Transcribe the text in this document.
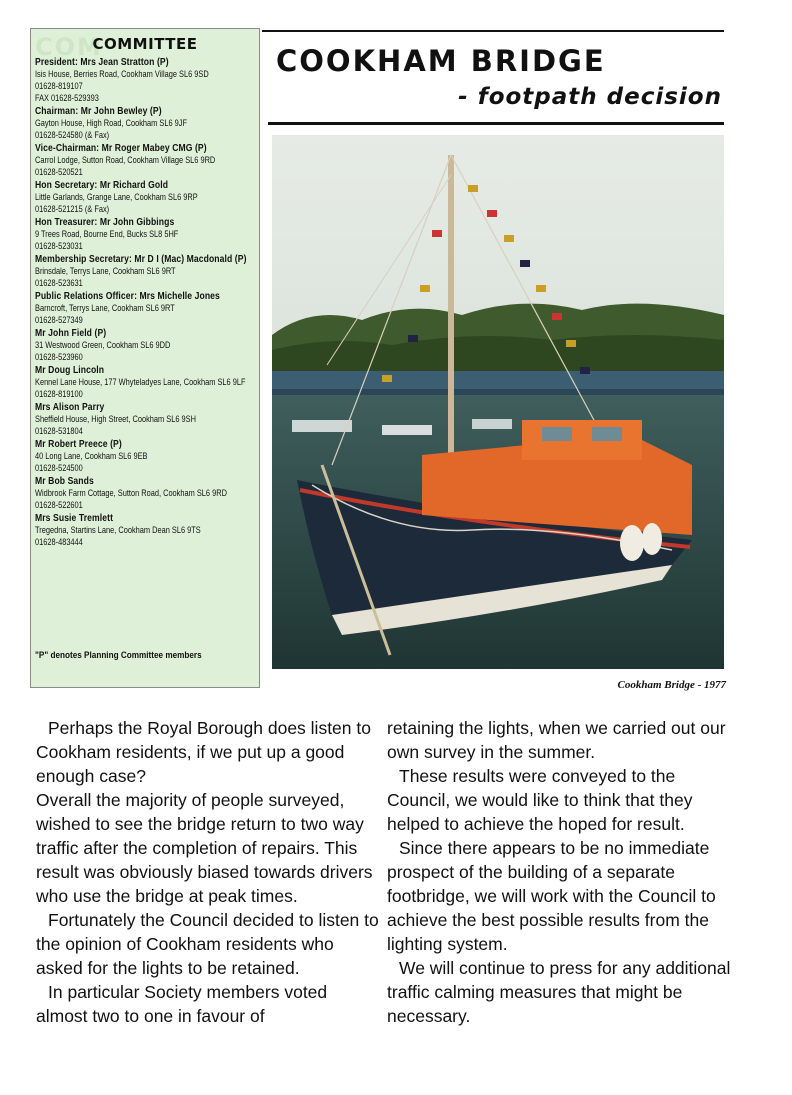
COM
COMMITTEE
President: Mrs Jean Stratton (P)
Isis House, Berries Road, Cookham Village SL6 9SD
01628-819107
FAX 01628-529393
Chairman: Mr John Bewley (P)
Gayton House, High Road, Cookham SL6 9JF
01628-524580 (& Fax)
Vice-Chairman: Mr Roger Mabey CMG (P)
Carrol Lodge, Sutton Road, Cookham Village SL6 9RD
01628-520521
Hon Secretary: Mr Richard Gold
Little Garlands, Grange Lane, Cookham SL6 9RP
01628-521215 (& Fax)
Hon Treasurer: Mr John Gibbings
9 Trees Road, Bourne End, Bucks SL8 5HF
01628-523031
Membership Secretary: Mr D I (Mac) Macdonald (P)
Brinsdale, Terrys Lane, Cookham SL6 9RT
01628-523631
Public Relations Officer: Mrs Michelle Jones
Barncroft, Terrys Lane, Cookham SL6 9RT
01628-527349
Mr John Field (P)
31 Westwood Green, Cookham SL6 9DD
01628-523960
Mr Doug Lincoln
Kennel Lane House, 177 Whyteladyes Lane, Cookham SL6 9LF
01628-819100
Mrs Alison Parry
Sheffield House, High Street, Cookham SL6 9SH
01628-531804
Mr Robert Preece (P)
40 Long Lane, Cookham SL6 9EB
01628-524500
Mr Bob Sands
Widbrook Farm Cottage, Sutton Road, Cookham SL6 9RD
01628-522601
Mrs Susie Tremlett
Tregedna, Startins Lane, Cookham Dean SL6 9TS
01628-483444
"P" denotes Planning Committee members
COOKHAM BRIDGE
- footpath decision
Cookham Bridge - 1977

Perhaps the Royal Borough does listen to Cookham residents, if we put up a good enough case?

Overall the majority of people surveyed, wished to see the bridge return to two way traffic after the completion of repairs. This result was obviously biased towards drivers who use the bridge at peak times.

Fortunately the Council decided to listen to the opinion of Cookham residents who asked for the lights to be retained.

In particular Society members voted almost two to one in favour of

retaining the lights, when we carried out our own survey in the summer.

These results were conveyed to the Council, we would like to think that they helped to achieve the hoped for result.

Since there appears to be no immediate prospect of the building of a separate footbridge, we will work with the Council to achieve the best possible results from the lighting system.

We will continue to press for any additional traffic calming measures that might be necessary.
